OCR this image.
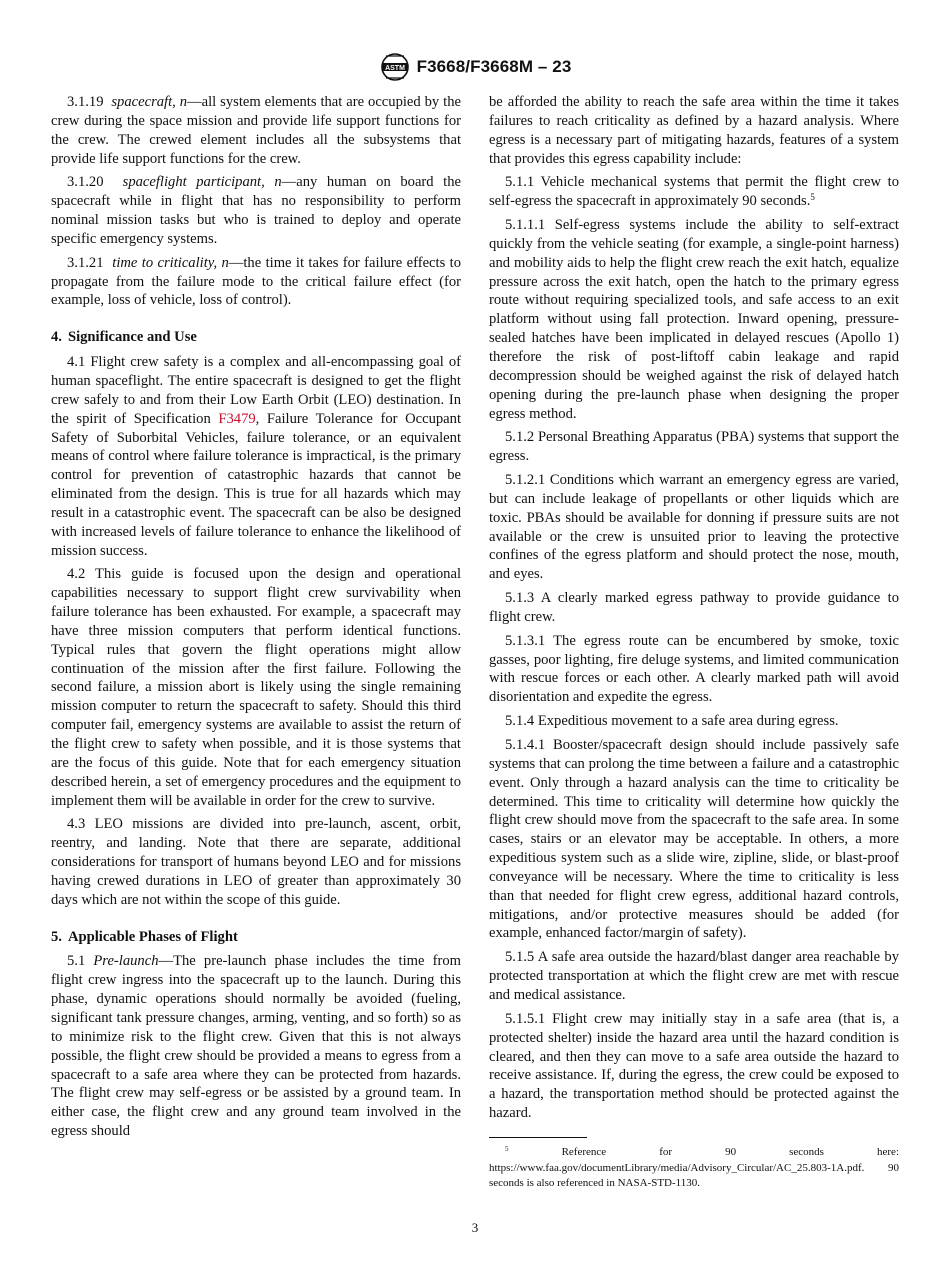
ASTM F3668/F3668M – 23

3.1.19 spacecraft, n—all system elements that are occupied by the crew during the space mission and provide life support functions for the crew. The crewed element includes all the subsystems that provide life support functions for the crew.

3.1.20 spaceflight participant, n—any human on board the spacecraft while in flight that has no responsibility to perform nominal mission tasks but who is trained to deploy and operate specific emergency systems.

3.1.21 time to criticality, n—the time it takes for failure effects to propagate from the failure mode to the critical failure effect (for example, loss of vehicle, loss of control).

4. Significance and Use

4.1 Flight crew safety is a complex and all-encompassing goal of human spaceflight. The entire spacecraft is designed to get the flight crew safely to and from their Low Earth Orbit (LEO) destination. In the spirit of Specification F3479, Failure Tolerance for Occupant Safety of Suborbital Vehicles, failure tolerance, or an equivalent means of control where failure tolerance is impractical, is the primary control for prevention of catastrophic hazards that cannot be eliminated from the design. This is true for all hazards which may result in a catastrophic event. The spacecraft can be also be designed with increased levels of failure tolerance to enhance the likelihood of mission success.

4.2 This guide is focused upon the design and operational capabilities necessary to support flight crew survivability when failure tolerance has been exhausted. For example, a spacecraft may have three mission computers that perform identical functions. Typical rules that govern the flight operations might allow continuation of the mission after the first failure. Following the second failure, a mission abort is likely using the single remaining mission computer to return the spacecraft to safety. Should this third computer fail, emergency systems are available to assist the return of the flight crew to safety when possible, and it is those systems that are the focus of this guide. Note that for each emergency situation described herein, a set of emergency procedures and the equipment to implement them will be available in order for the crew to survive.

4.3 LEO missions are divided into pre-launch, ascent, orbit, reentry, and landing. Note that there are separate, additional considerations for transport of humans beyond LEO and for missions having crewed durations in LEO of greater than approximately 30 days which are not within the scope of this guide.

5. Applicable Phases of Flight

5.1 Pre-launch—The pre-launch phase includes the time from flight crew ingress into the spacecraft up to the launch. During this phase, dynamic operations should normally be avoided (fueling, significant tank pressure changes, arming, venting, and so forth) so as to minimize risk to the flight crew. Given that this is not always possible, the flight crew should be provided a means to egress from a spacecraft to a safe area where they can be protected from hazards. The flight crew may self-egress or be assisted by a ground team. In either case, the flight crew and any ground team involved in the egress should

be afforded the ability to reach the safe area within the time it takes failures to reach criticality as defined by a hazard analysis. Where egress is a necessary part of mitigating hazards, features of a system that provides this egress capability include:

5.1.1 Vehicle mechanical systems that permit the flight crew to self-egress the spacecraft in approximately 90 seconds.$^5$

5.1.1.1 Self-egress systems include the ability to self-extract quickly from the vehicle seating (for example, a single-point harness) and mobility aids to help the flight crew reach the exit hatch, equalize pressure across the exit hatch, open the hatch to the primary egress route without requiring specialized tools, and safe access to an exit platform without using fall protection. Inward opening, pressure-sealed hatches have been implicated in delayed rescues (Apollo 1) therefore the risk of post-liftoff cabin leakage and rapid decompression should be weighed against the risk of delayed hatch opening during the pre-launch phase when designing the proper egress method.

5.1.2 Personal Breathing Apparatus (PBA) systems that support the egress.

5.1.2.1 Conditions which warrant an emergency egress are varied, but can include leakage of propellants or other liquids which are toxic. PBAs should be available for donning if pressure suits are not available or the crew is unsuited prior to leaving the protective confines of the egress platform and should protect the nose, mouth, and eyes.

5.1.3 A clearly marked egress pathway to provide guidance to flight crew.

5.1.3.1 The egress route can be encumbered by smoke, toxic gasses, poor lighting, fire deluge systems, and limited communication with rescue forces or each other. A clearly marked path will avoid disorientation and expedite the egress.

5.1.4 Expeditious movement to a safe area during egress.

5.1.4.1 Booster/spacecraft design should include passively safe systems that can prolong the time between a failure and a catastrophic event. Only through a hazard analysis can the time to criticality be determined. This time to criticality will determine how quickly the flight crew should move from the spacecraft to the safe area. In some cases, stairs or an elevator may be acceptable. In others, a more expeditious system such as a slide wire, zipline, slide, or blast-proof conveyance will be necessary. Where the time to criticality is less than that needed for flight crew egress, additional hazard controls, mitigations, and/or protective measures should be added (for example, enhanced factor/margin of safety).

5.1.5 A safe area outside the hazard/blast danger area reachable by protected transportation at which the flight crew are met with rescue and medical assistance.

5.1.5.1 Flight crew may initially stay in a safe area (that is, a protected shelter) inside the hazard area until the hazard condition is cleared, and then they can move to a safe area outside the hazard to receive assistance. If, during the egress, the crew could be exposed to a hazard, the transportation method should be protected against the hazard.

$^5$	Reference for 90 seconds here: https://www.faa.gov/documentLibrary/media/Advisory_Circular/AC_25.803-1A.pdf. 90 seconds is also referenced in NASA-STD-1130.
3
